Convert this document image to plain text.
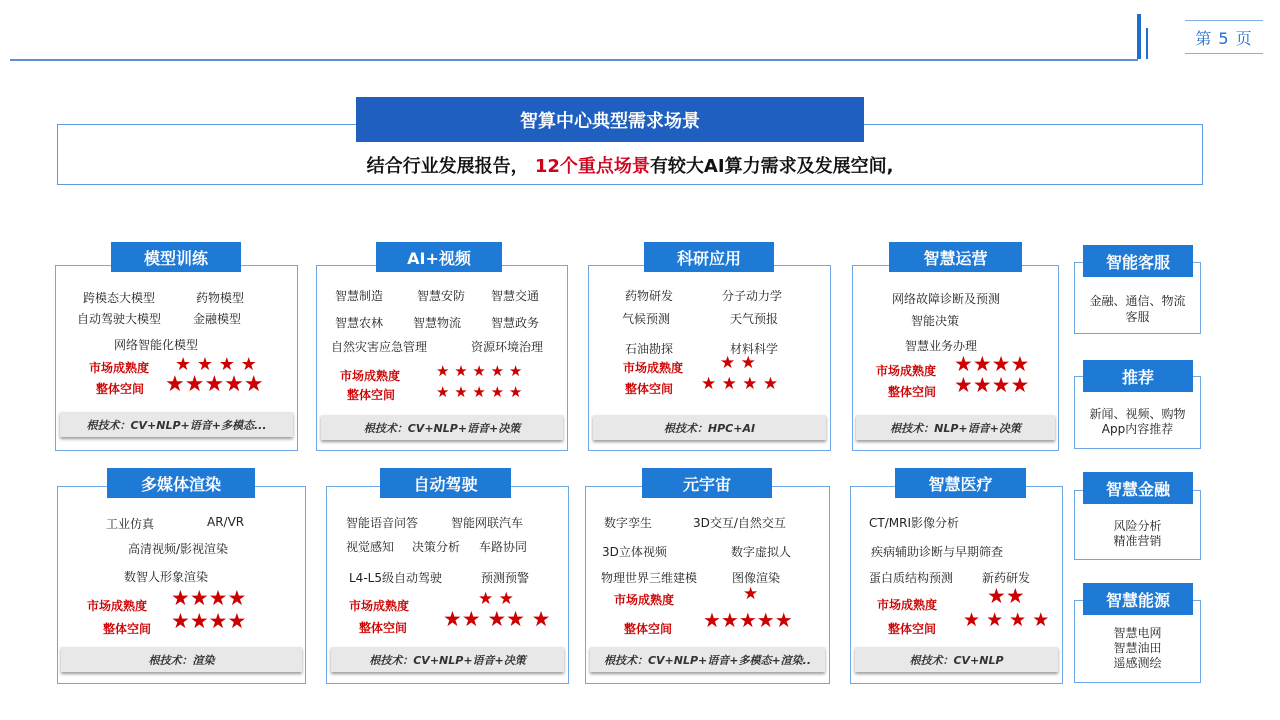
第 5 页
智算中心典型需求场景
结合行业发展报告， 12个重点场景有较大AI算力需求及发展空间,
模型训练
跨模态大模型	药物模型
自动驾驶大模型	金融模型
网络智能化模型
市场成熟度 ★ ★ ★ ★
整体空间 ★★★★★
根技术：CV+NLP+语音+多模态...
AI+视频
智慧制造	智慧安防 智慧交通
智慧农林 智慧物流 智慧政务
自然灾害应急管理	资源环境治理
市场成熟度 ★ ★ ★ ★ ★
整体空间	★ ★ ★ ★ ★
根技术：CV+NLP+语音+决策
科研应用
药物研发	分子动力学
气候预测	天气预报
石油勘探	材料科学
市场成熟度 ★ ★
整体空间 ★ ★ ★ ★
根技术：HPC+AI
智慧运营
网络故障诊断及预测
智能决策
智慧业务办理
市场成熟度 ★★★★
整体空间 ★★★★
根技术：NLP+语音+决策
多媒体渲染
工业仿真	AR/VR
高清视频/影视渲染
数智人形象渲染
市场成熟度 ★★★★
整体空间 ★★★★
根技术：渲染
自动驾驶
智能语音问答	智能网联汽车
视觉感知 决策分析 车路协同
L4-L5级自动驾驶	预测预警
市场成熟度	★ ★
整体空间 ★★ ★★ ★
根技术：CV+NLP+语音+决策
元宇宙
数字孪生	3D交互/自然交互
3D立体视频	数字虚拟人
物理世界三维建模	图像渲染
市场成熟度	★
整体空间 ★★★★★
根技术：CV+NLP+语音+多模态+渲染..
智慧医疗
CT/MRI影像分析
疾病辅助诊断与早期筛查
蛋白质结构预测 新药研发
市场成熟度 ★★
整体空间 ★ ★ ★ ★
根技术：CV+NLP
智能客服
金融、通信、物流
客服
推荐
新闻、视频、购物
App内容推荐
智慧金融
风险分析
精准营销
智慧能源
智慧电网
智慧油田
遥感测绘
